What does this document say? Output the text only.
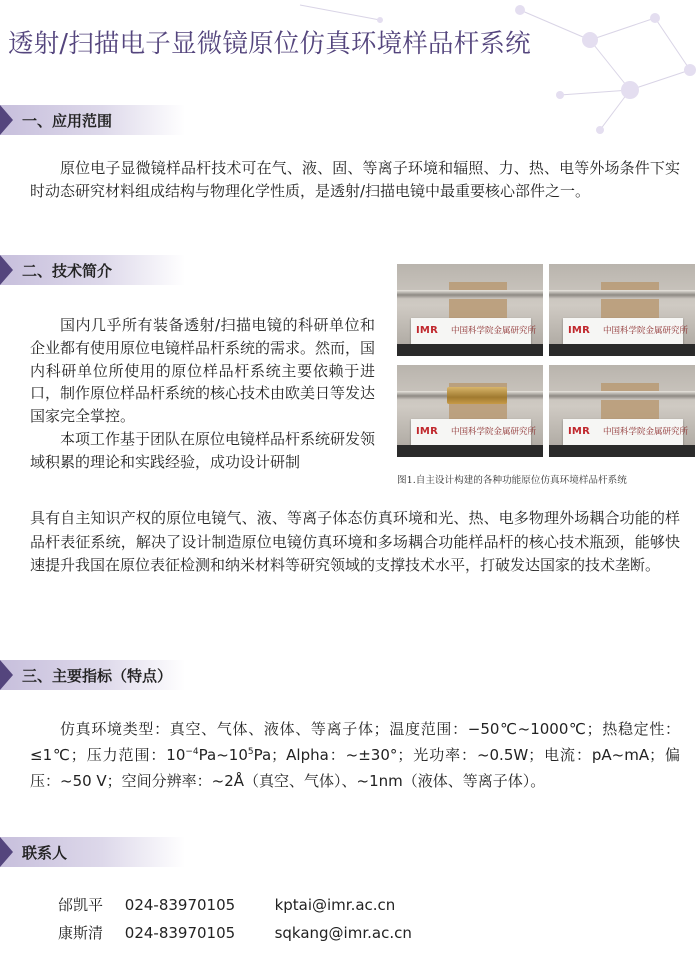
透射/扫描电子显微镜原位仿真环境样品杆系统
一、应用范围

原位电子显微镜样品杆技术可在气、液、固、等离子环境和辐照、力、热、电等外场条件下实时动态研究材料组成结构与物理化学性质，是透射/扫描电镜中最重要核心部件之一。

二、技术简介

国内几乎所有装备透射/扫描电镜的科研单位和企业都有使用原位电镜样品杆系统的需求。然而，国内科研单位所使用的原位样品杆系统主要依赖于进口，制作原位样品杆系统的核心技术由欧美日等发达国家完全掌控。

本项工作基于团队在原位电镜样品杆系统研发领域积累的理论和实践经验，成功设计研制

具有自主知识产权的原位电镜气、液、等离子体态仿真环境和光、热、电多物理外场耦合功能的样品杆表征系统，解决了设计制造原位电镜仿真环境和多场耦合功能样品杆的核心技术瓶颈，能够快速提升我国在原位表征检测和纳米材料等研究领域的支撑技术水平，打破发达国家的技术垄断。

IMR 中国科学院金属研究所	IMR 中国科学院金属研究所
IMR 中国科学院金属研究所	IMR 中国科学院金属研究所
图1.自主设计构建的各种功能原位仿真环境样品杆系统
三、主要指标（特点）

仿真环境类型：真空、气体、液体、等离子体；温度范围：−50℃~1000℃；热稳定性：≤1℃；压力范围：$10^{-4}Pa\sim 10^5Pa$；Alpha：~±30°；光功率：~0.5W；电流：pA~mA；偏压：~50 V；空间分辨率：~2Å（真空、气体）、~1nm（液体、等离子体）。

联系人
邰凯平 024-83970105	kptai@imr.ac.cn
康斯清 024-83970105	sqkang@imr.ac.cn
